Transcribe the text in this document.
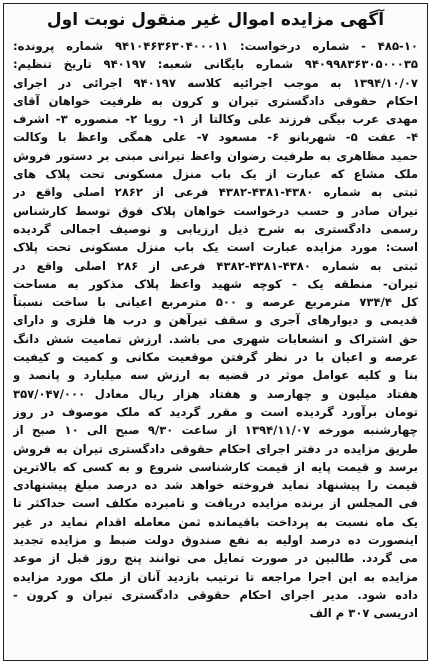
آگهی مزایده اموال غیر منقول نوبت اول
۴۸۵-۱۰ - شماره درخواست: ۹۴۱۰۴۶۳۶۳۰۴۰۰۰۱۱ شماره پرونده:
۹۴۰۹۹۸۳۶۳۰۵۰۰۰۳۵ شماره بایگانی شعبه: ۹۴۰۱۹۷ تاریخ تنظیم:
۱۳۹۴/۱۰/۰۷ به موجب اجرائیه کلاسه ۹۴۰۱۹۷ اجرائی در اجرای
احکام حقوقی دادگستری تیران و کرون به ظرفیت خواهان آقای
مهدی عرب بیگی فرزند علی وکالتا از ۱- رویا ۲- منصوره ۳- اشرف
۴- عفت ۵- شهربانو ۶- مسعود ۷- علی همگی واعظ با وکالت
حمید مظاهری به طرفیت رضوان واعظ تیرانی مبنی بر دستور فروش
ملک مشاع که عبارت از یک باب منزل مسکونی تحت پلاک های
ثبتی به شماره ۴۳۸۰-۴۳۸۱-۴۳۸۲ فرعی از ۲۸۶۲ اصلی واقع در
تیران صادر و حسب درخواست خواهان پلاک فوق توسط کارشناس
رسمی دادگستری به شرح ذیل ارزیابی و توصیف اجمالی گردیده
است: مورد مزایده عبارت است یک باب منزل مسکونی تحت پلاک
ثبتی به شماره ۴۳۸۰-۴۳۸۱-۴۳۸۲ فرعی از ۲۸۶ اصلی واقع در
تیران- منطقه یک - کوچه شهید واعظ پلاک مذکور به مساحت
کل ۷۳۴/۴ مترمربع عرصه و ۵۰۰ مترمربع اعیانی با ساخت نسبتاً
قدیمی و دیوارهای آجری و سقف تیرآهن و درب ها فلزی و دارای
حق اشتراک و انشعابات شهری می باشد. ارزش تمامیت شش دانگ
عرصه و اعیان با در نظر گرفتن موقعیت مکانی و کمیت و کیفیت
بنا و کلیه عوامل موثر در قضیه به ارزش سه میلیارد و پانصد و
هفتاد میلیون و چهارصد و هفتاد هزار ریال معادل ۳۵۷/۰۴۷/۰۰۰
تومان برآورد گردیده است و مقرر گردید که ملک موصوف در روز
چهارشنبه مورخه ۱۳۹۴/۱۱/۰۷ از ساعت ۹/۳۰ صبح الی ۱۰ صبح از
طریق مزایده در دفتر اجرای احکام حقوقی دادگستری تیران به فروش
برسد و قیمت پایه از قیمت کارشناسی شروع و به کسی که بالاترین
قیمت را پیشنهاد نماید فروخته خواهد شد ده درصد مبلغ پیشنهادی
فی المجلس از برنده مزایده دریافت و تامبرده مکلف است حداکثر تا
یک ماه نسبت به پرداخت باقیمانده ثمن معامله اقدام نماید در غیر
اینصورت ده درصد اولیه به نفع صندوق دولت ضبط و مزایده تجدید
می گردد. طالبین در صورت تمایل می توانند پنج روز قبل از موعد
مزایده به این اجرا مراجعه تا ترتیب بازدید آنان از ملک مورد مزایده
داده شود. مدیر اجرای احکام حقوقی دادگستری تیران و کرون -
ادریسی ۳۰۷ م الف
